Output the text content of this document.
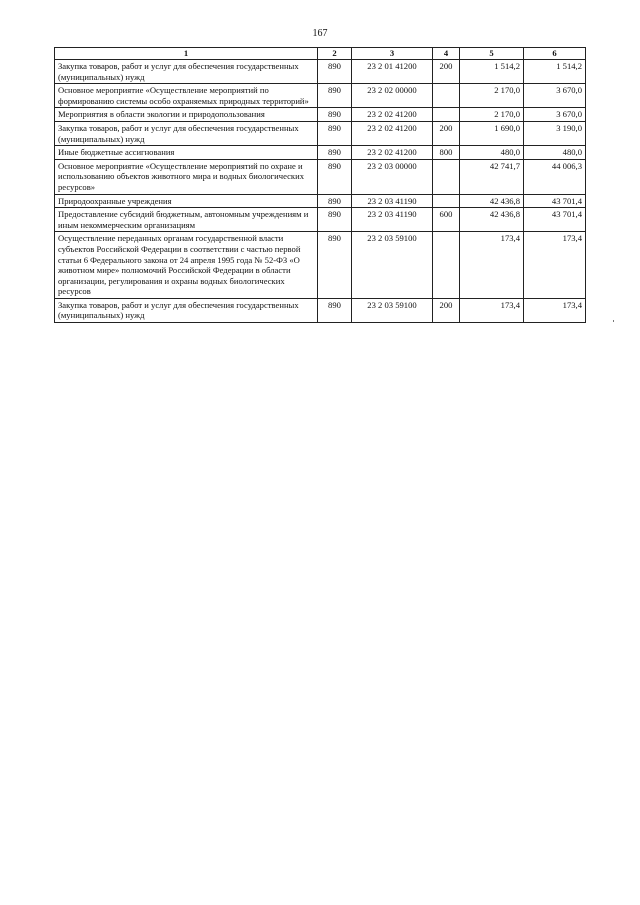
167
1	2	3	4	5	6
Закупка товаров, работ и услуг для обеспечения государственных (муниципальных) нужд	890	23 2 01 41200	200	1 514,2	1 514,2
Основное мероприятие «Осуществление мероприятий по формированию системы особо охраняемых природных территорий»	890	23 2 02 00000		2 170,0	3 670,0
Мероприятия в области экологии и природопользования	890	23 2 02 41200		2 170,0	3 670,0
Закупка товаров, работ и услуг для обеспечения государственных (муниципальных) нужд	890	23 2 02 41200	200	1 690,0	3 190,0
Иные бюджетные ассигнования	890	23 2 02 41200	800	480,0	480,0
Основное мероприятие «Осуществление мероприятий по охране и использованию объектов животного мира и водных биологических ресурсов»	890	23 2 03 00000		42 741,7	44 006,3
Природоохранные учреждения	890	23 2 03 41190		42 436,8	43 701,4
Предоставление субсидий бюджетным, автономным учреждениям и иным некоммерческим организациям	890	23 2 03 41190	600	42 436,8	43 701,4
Осуществление переданных органам государственной власти субъектов Российской Федерации в соответствии с частью первой статьи 6 Федерального закона от 24 апреля 1995 года № 52-ФЗ «О животном мире» полномочий Российской Федерации в области организации, регулирования и охраны водных биологических ресурсов	890	23 2 03 59100		173,4	173,4
Закупка товаров, работ и услуг для обеспечения государственных (муниципальных) нужд	890	23 2 03 59100	200	173,4	173,4
